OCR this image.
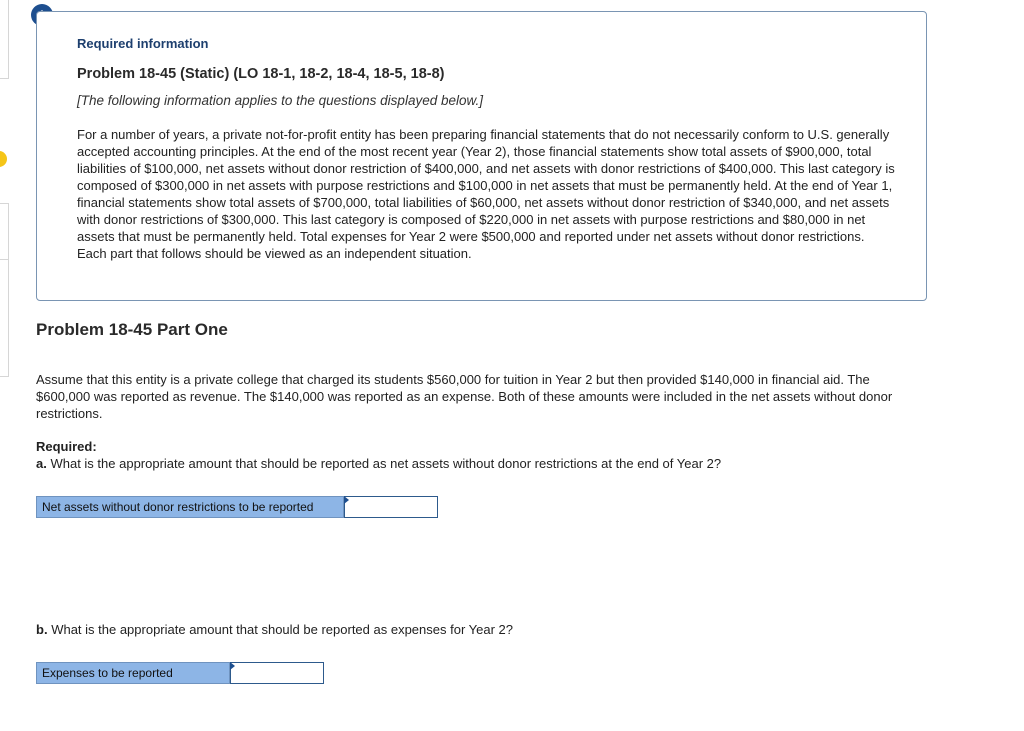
Required information
Problem 18-45 (Static) (LO 18-1, 18-2, 18-4, 18-5, 18-8)
[The following information applies to the questions displayed below.]
For a number of years, a private not-for-profit entity has been preparing financial statements that do not necessarily conform to U.S. generally accepted accounting principles. At the end of the most recent year (Year 2), those financial statements show total assets of $900,000, total liabilities of $100,000, net assets without donor restriction of $400,000, and net assets with donor restrictions of $400,000. This last category is composed of $300,000 in net assets with purpose restrictions and $100,000 in net assets that must be permanently held. At the end of Year 1, financial statements show total assets of $700,000, total liabilities of $60,000, net assets without donor restriction of $340,000, and net assets with donor restrictions of $300,000. This last category is composed of $220,000 in net assets with purpose restrictions and $80,000 in net assets that must be permanently held. Total expenses for Year 2 were $500,000 and reported under net assets without donor restrictions. Each part that follows should be viewed as an independent situation.
Problem 18-45 Part One
Assume that this entity is a private college that charged its students $560,000 for tuition in Year 2 but then provided $140,000 in financial aid. The $600,000 was reported as revenue. The $140,000 was reported as an expense. Both of these amounts were included in the net assets without donor restrictions.
Required:
a. What is the appropriate amount that should be reported as net assets without donor restrictions at the end of Year 2?
Net assets without donor restrictions to be reported
b. What is the appropriate amount that should be reported as expenses for Year 2?
Expenses to be reported
